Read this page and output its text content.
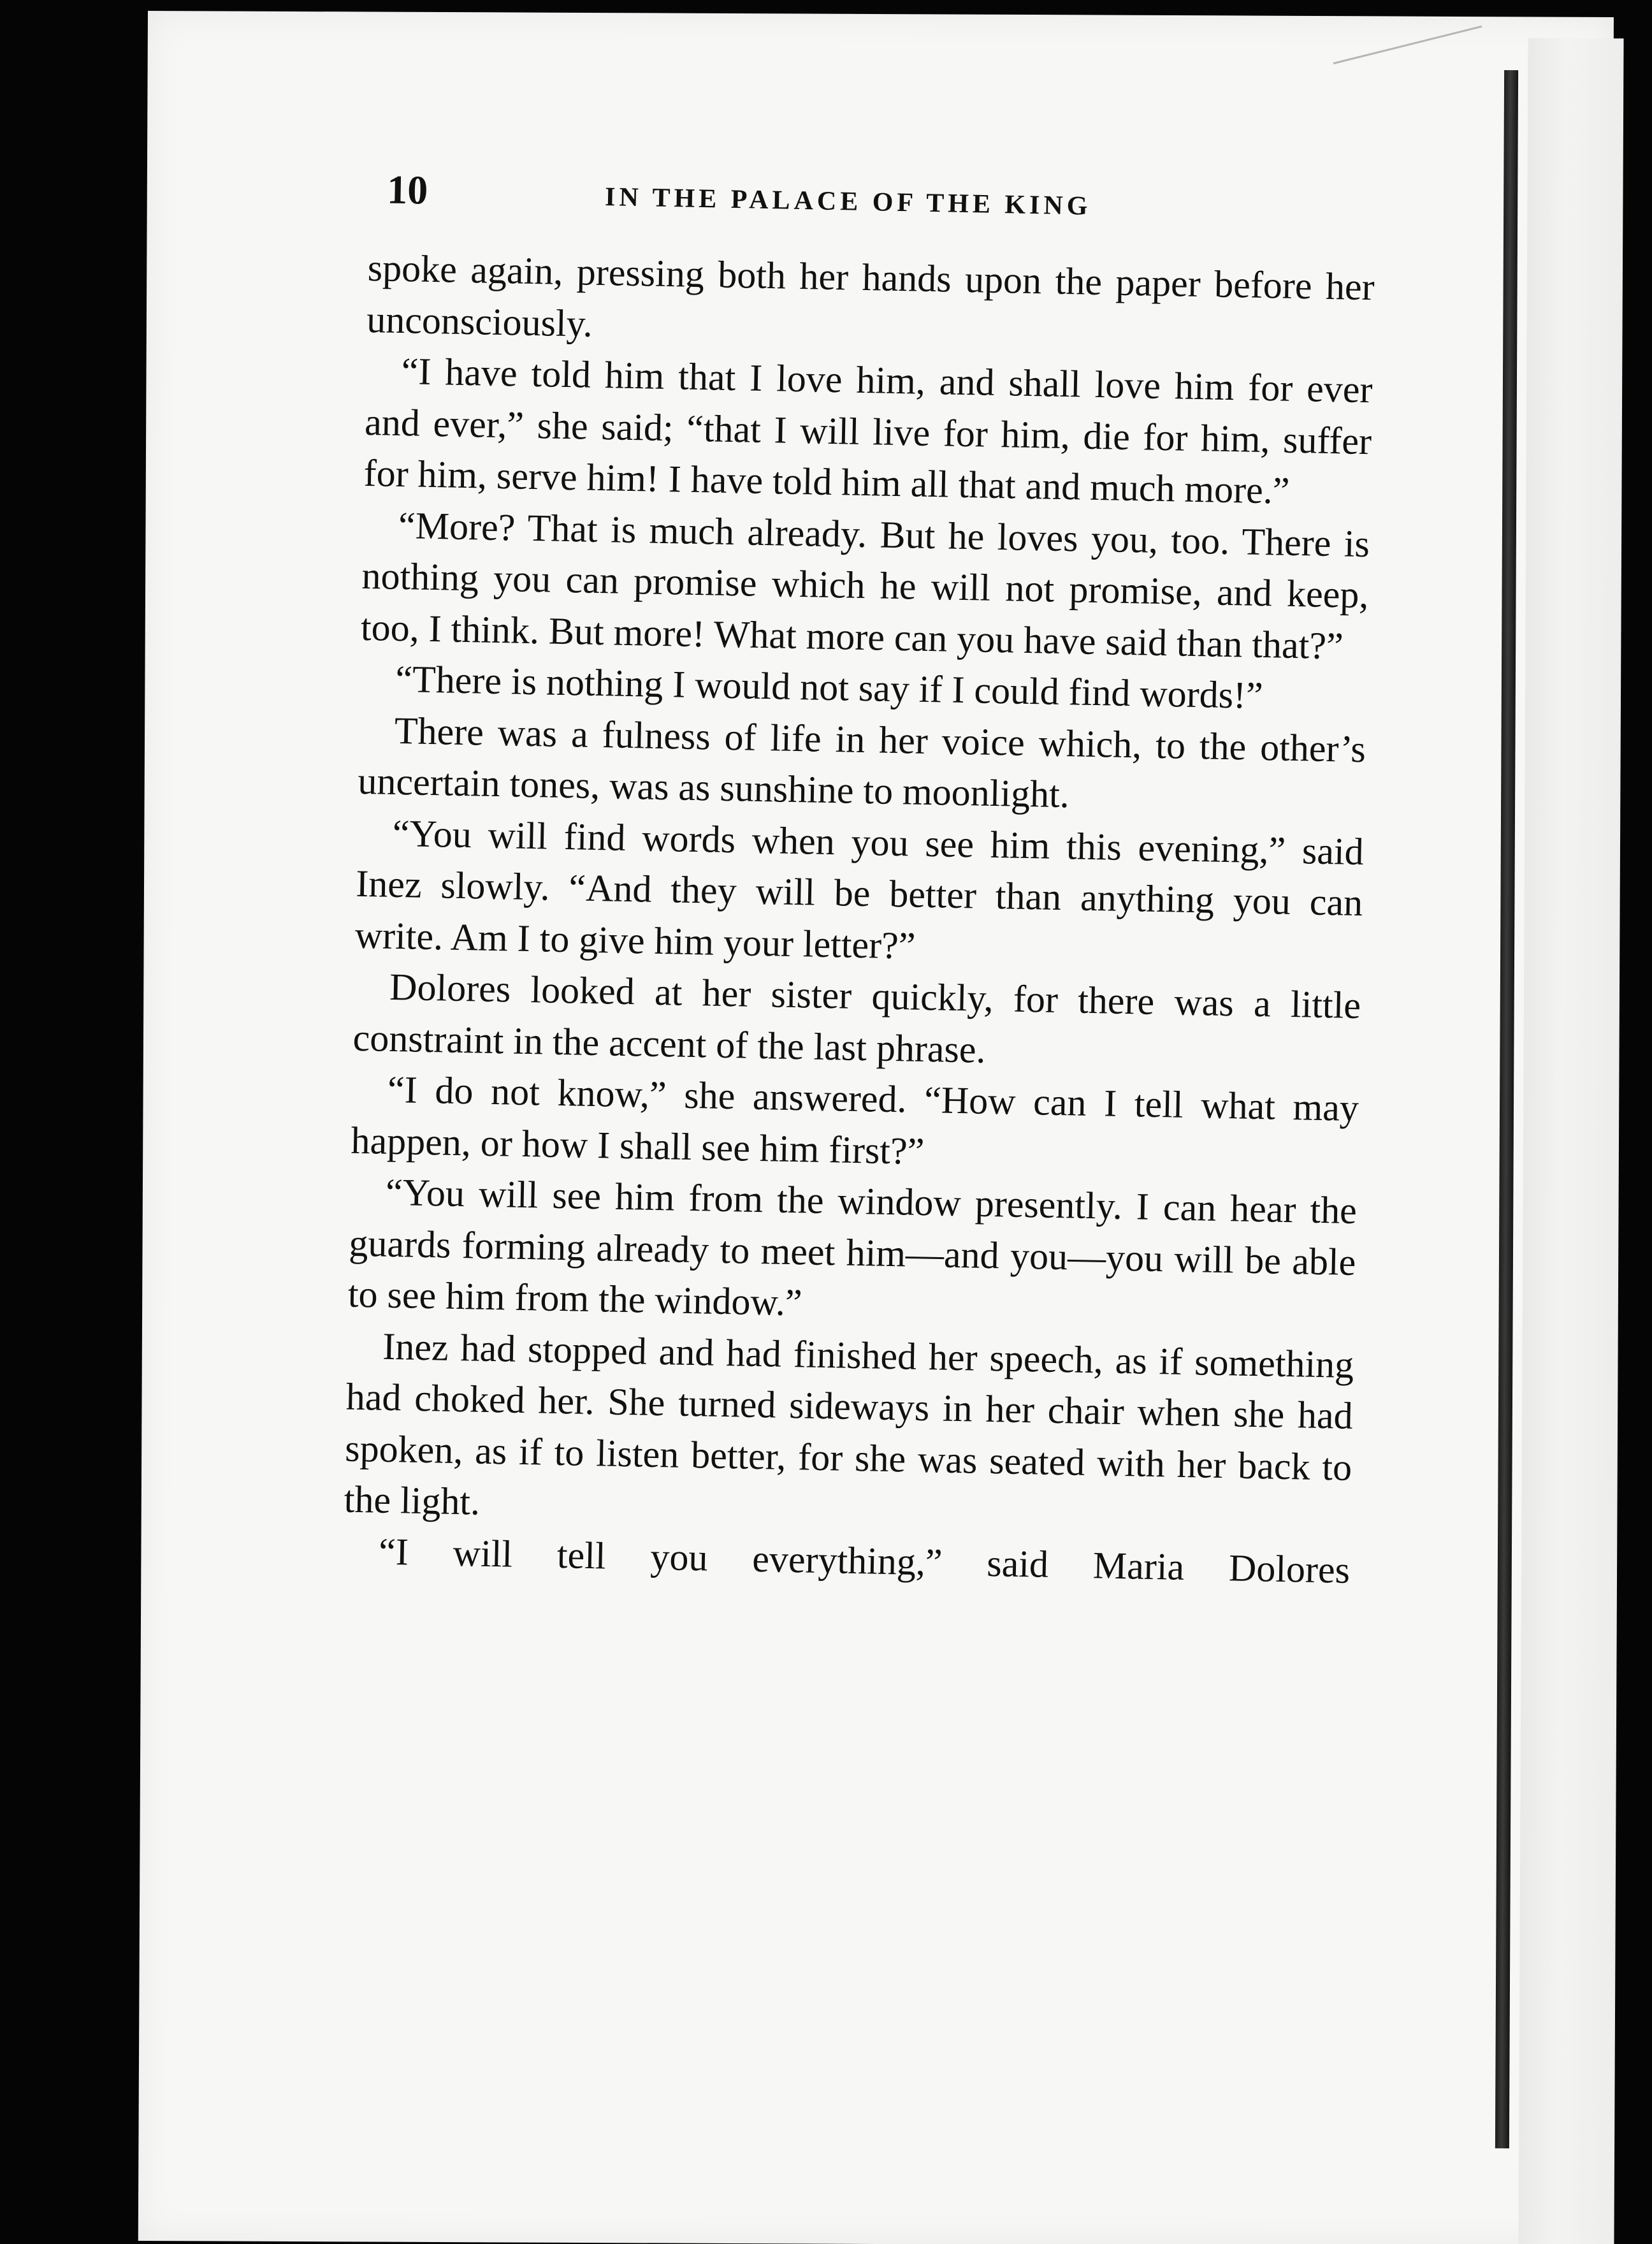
10	IN THE PALACE OF THE KING

spoke again, pressing both her hands upon the paper before her unconsciously.

“I have told him that I love him, and shall love him for ever and ever,” she said; “that I will live for him, die for him, suffer for him, serve him! I have told him all that and much more.”

“More? That is much already. But he loves you, too. There is nothing you can promise which he will not promise, and keep, too, I think. But more! What more can you have said than that?”

“There is nothing I would not say if I could find words!”

There was a fulness of life in her voice which, to the other’s uncertain tones, was as sunshine to moonlight.

“You will find words when you see him this evening,” said Inez slowly. “And they will be better than anything you can write. Am I to give him your letter?”

Dolores looked at her sister quickly, for there was a little constraint in the accent of the last phrase.

“I do not know,” she answered. “How can I tell what may happen, or how I shall see him first?”

“You will see him from the window presently. I can hear the guards forming already to meet him—and you—you will be able to see him from the window.”

Inez had stopped and had finished her speech, as if something had choked her. She turned sideways in her chair when she had spoken, as if to listen better, for she was seated with her back to the light.

“I will tell you everything,” said Maria Dolores
